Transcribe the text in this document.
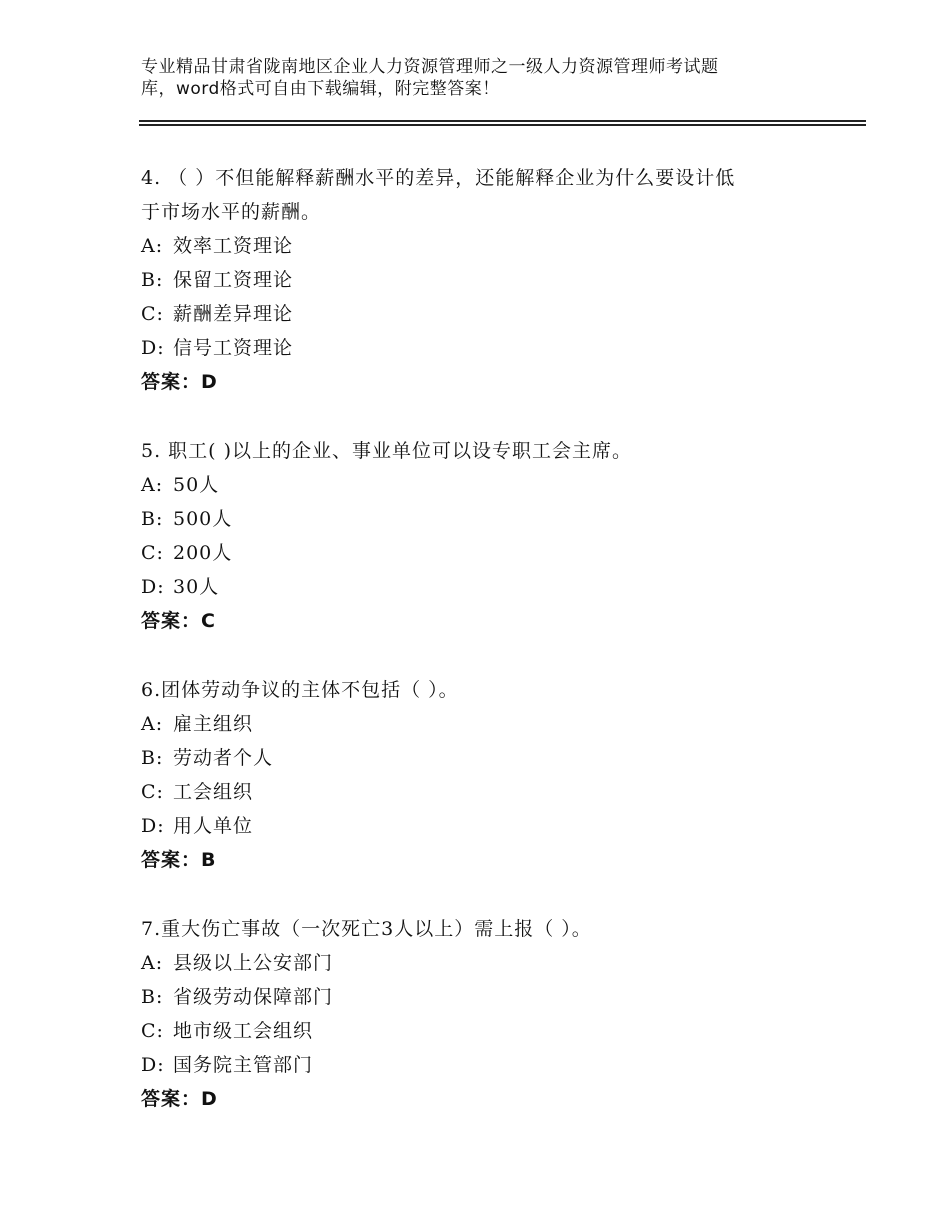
专业精品甘肃省陇南地区企业人力资源管理师之一级人力资源管理师考试题
库，word格式可自由下载编辑，附完整答案！
4. （ ）不但能解释薪酬水平的差异，还能解释企业为什么要设计低
于市场水平的薪酬。
A: 效率工资理论
B: 保留工资理论
C: 薪酬差异理论
D: 信号工资理论
答案：D
5. 职工( )以上的企业、事业单位可以设专职工会主席。
A: 50人
B: 500人
C: 200人
D: 30人
答案：C
6.团体劳动争议的主体不包括（ ）。
A: 雇主组织
B: 劳动者个人
C: 工会组织
D: 用人单位
答案：B
7.重大伤亡事故（一次死亡3人以上）需上报（ ）。
A: 县级以上公安部门
B: 省级劳动保障部门
C: 地市级工会组织
D: 国务院主管部门
答案：D
